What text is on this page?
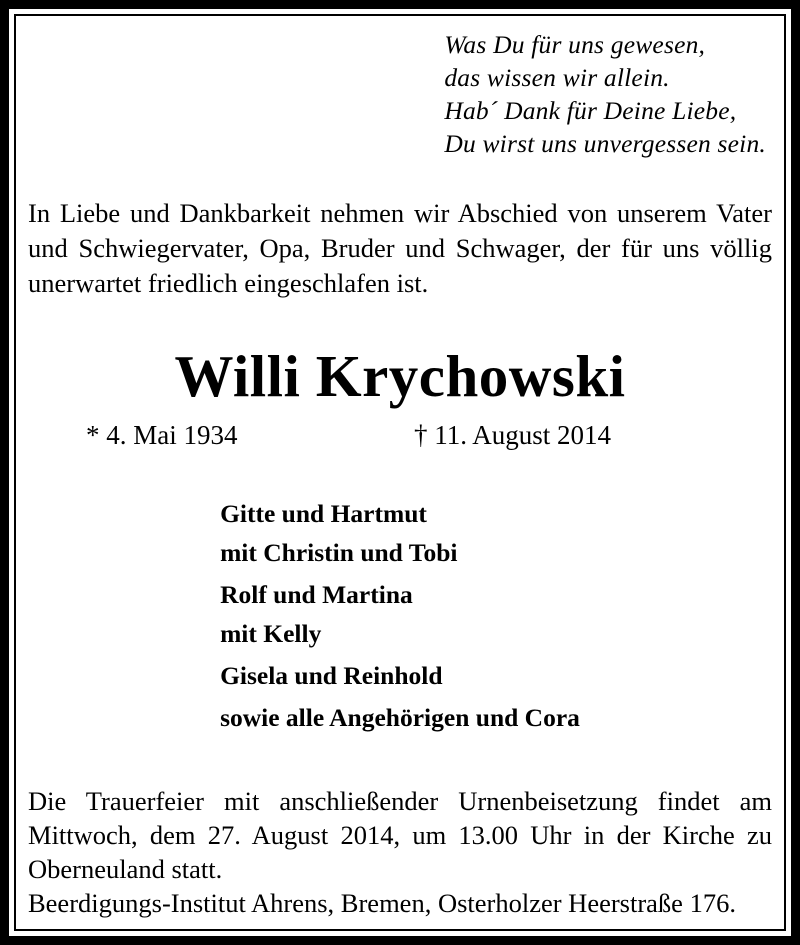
Was Du für uns gewesen,
das wissen wir allein.
Hab´ Dank für Deine Liebe,
Du wirst uns unvergessen sein.

In Liebe und Dankbarkeit nehmen wir Abschied von unserem Vater und Schwiegervater, Opa, Bruder und Schwager, der für uns völlig unerwartet friedlich eingeschlafen ist.

Willi Krychowski
* 4. Mai 1934	† 11. August 2014
Gitte und Hartmut
mit Christin und Tobi
Rolf und Martina
mit Kelly
Gisela und Reinhold
sowie alle Angehörigen und Cora

Die Trauerfeier mit anschließender Urnenbeisetzung findet am Mittwoch, dem 27. August 2014, um 13.00 Uhr in der Kirche zu Oberneuland statt.

Beerdigungs-Institut Ahrens, Bremen, Osterholzer Heerstraße 176.
